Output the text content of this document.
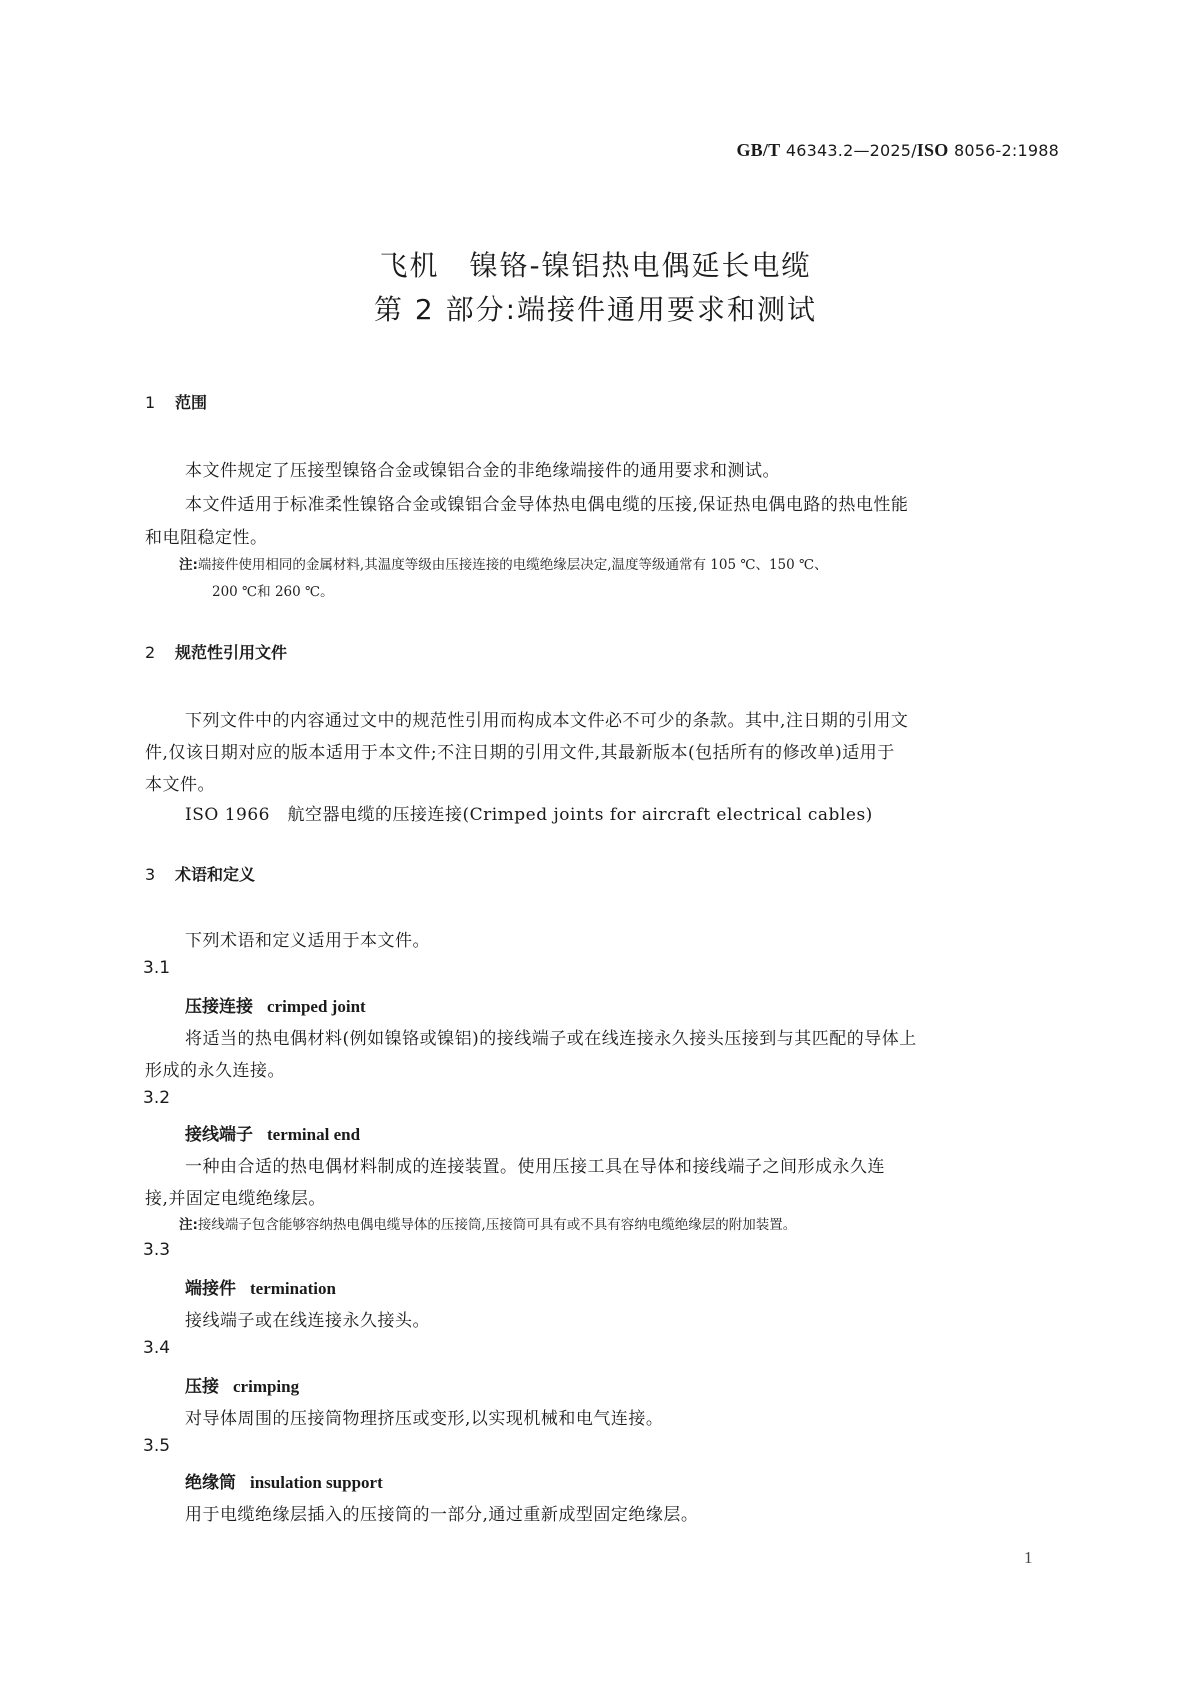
GB/T 46343.2—2025/ISO 8056-2:1988
飞机　镍铬-镍铝热电偶延长电缆
第 2 部分:端接件通用要求和测试
1 范围
本文件规定了压接型镍铬合金或镍铝合金的非绝缘端接件的通用要求和测试。
本文件适用于标准柔性镍铬合金或镍铝合金导体热电偶电缆的压接,保证热电偶电路的热电性能
和电阻稳定性。
注:端接件使用相同的金属材料,其温度等级由压接连接的电缆绝缘层决定,温度等级通常有 105 ℃、150 ℃、
200 ℃和 260 ℃。
2 规范性引用文件
下列文件中的内容通过文中的规范性引用而构成本文件必不可少的条款。其中,注日期的引用文
件,仅该日期对应的版本适用于本文件;不注日期的引用文件,其最新版本(包括所有的修改单)适用于
本文件。
ISO 1966　航空器电缆的压接连接(Crimped joints for aircraft electrical cables)
3 术语和定义
下列术语和定义适用于本文件。
3.1
压接连接 crimped joint
将适当的热电偶材料(例如镍铬或镍铝)的接线端子或在线连接永久接头压接到与其匹配的导体上
形成的永久连接。
3.2
接线端子 terminal end
一种由合适的热电偶材料制成的连接装置。使用压接工具在导体和接线端子之间形成永久连
接,并固定电缆绝缘层。
注:接线端子包含能够容纳热电偶电缆导体的压接筒,压接筒可具有或不具有容纳电缆绝缘层的附加装置。
3.3
端接件 termination
接线端子或在线连接永久接头。
3.4
压接 crimping
对导体周围的压接筒物理挤压或变形,以实现机械和电气连接。
3.5
绝缘筒 insulation support
用于电缆绝缘层插入的压接筒的一部分,通过重新成型固定绝缘层。
1
